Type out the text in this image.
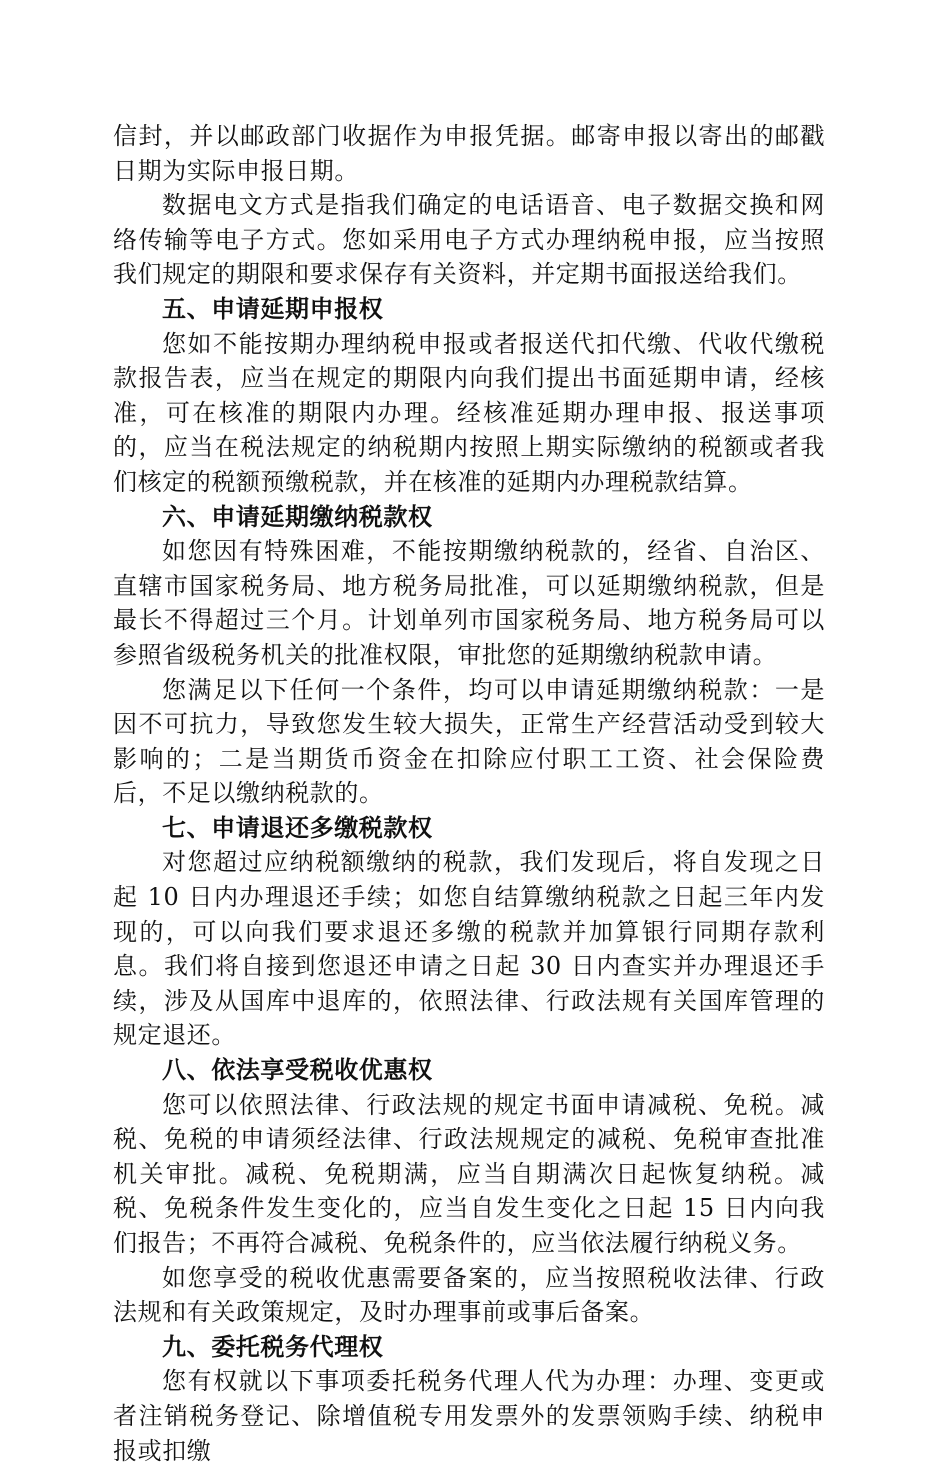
信封，并以邮政部门收据作为申报凭据。邮寄申报以寄出的邮戳日期为实际申报日期。

数据电文方式是指我们确定的电话语音、电子数据交换和网络传输等电子方式。您如采用电子方式办理纳税申报，应当按照我们规定的期限和要求保存有关资料，并定期书面报送给我们。

五、申请延期申报权

您如不能按期办理纳税申报或者报送代扣代缴、代收代缴税款报告表，应当在规定的期限内向我们提出书面延期申请，经核准，可在核准的期限内办理。经核准延期办理申报、报送事项的，应当在税法规定的纳税期内按照上期实际缴纳的税额或者我们核定的税额预缴税款，并在核准的延期内办理税款结算。

六、申请延期缴纳税款权

如您因有特殊困难，不能按期缴纳税款的，经省、自治区、直辖市国家税务局、地方税务局批准，可以延期缴纳税款，但是最长不得超过三个月。计划单列市国家税务局、地方税务局可以参照省级税务机关的批准权限，审批您的延期缴纳税款申请。

您满足以下任何一个条件，均可以申请延期缴纳税款：一是因不可抗力，导致您发生较大损失，正常生产经营活动受到较大影响的；二是当期货币资金在扣除应付职工工资、社会保险费后，不足以缴纳税款的。

七、申请退还多缴税款权

对您超过应纳税额缴纳的税款，我们发现后，将自发现之日起 10 日内办理退还手续；如您自结算缴纳税款之日起三年内发现的，可以向我们要求退还多缴的税款并加算银行同期存款利息。我们将自接到您退还申请之日起 30 日内查实并办理退还手续，涉及从国库中退库的，依照法律、行政法规有关国库管理的规定退还。

八、依法享受税收优惠权

您可以依照法律、行政法规的规定书面申请减税、免税。减税、免税的申请须经法律、行政法规规定的减税、免税审查批准机关审批。减税、免税期满，应当自期满次日起恢复纳税。减税、免税条件发生变化的，应当自发生变化之日起 15 日内向我们报告；不再符合减税、免税条件的，应当依法履行纳税义务。

如您享受的税收优惠需要备案的，应当按照税收法律、行政法规和有关政策规定，及时办理事前或事后备案。

九、委托税务代理权

您有权就以下事项委托税务代理人代为办理：办理、变更或者注销税务登记、除增值税专用发票外的发票领购手续、纳税申报或扣缴
